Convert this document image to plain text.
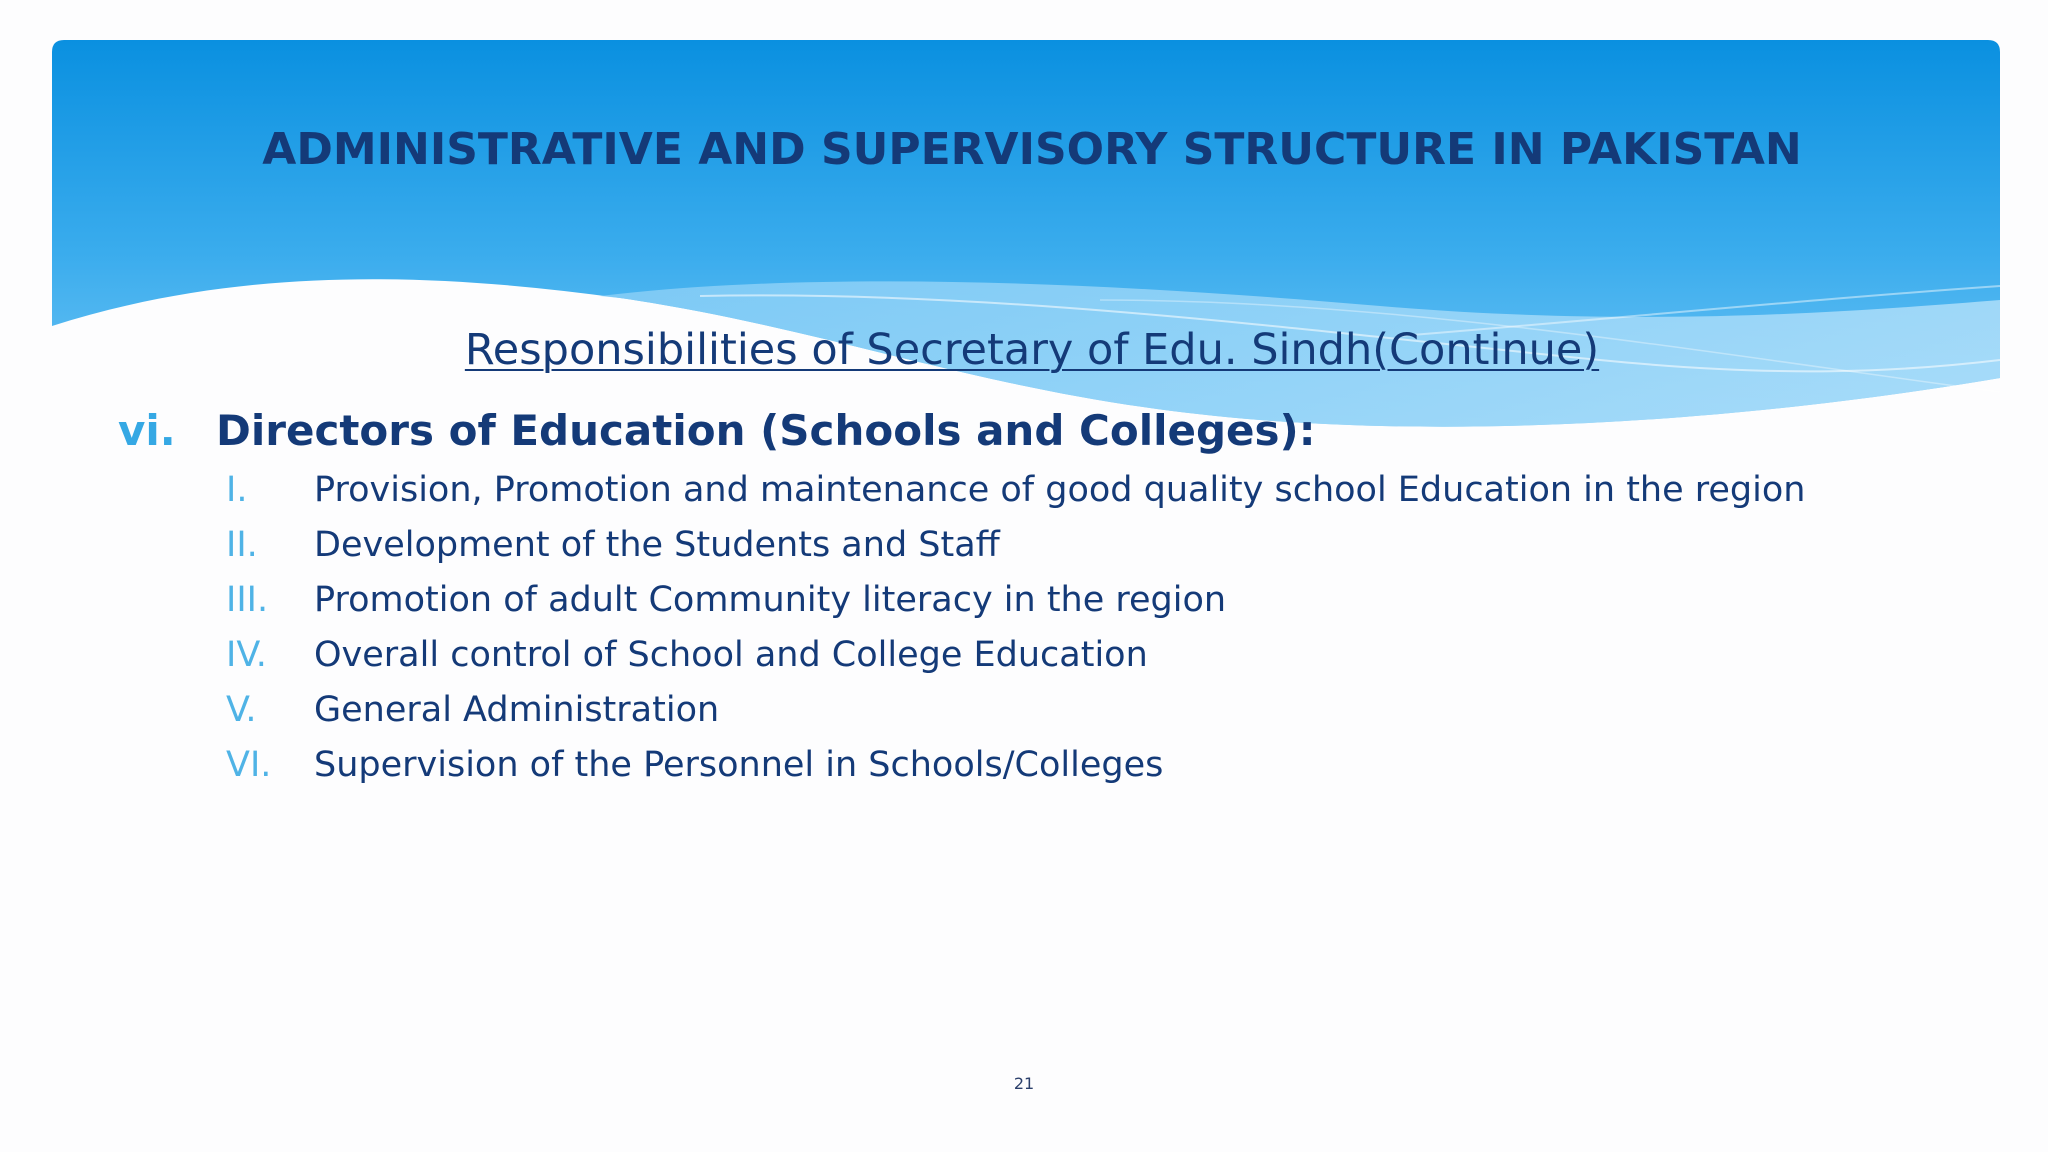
ADMINISTRATIVE AND SUPERVISORY STRUCTURE IN PAKISTAN
Responsibilities of Secretary of Edu. Sindh(Continue)
vi. Directors of Education (Schools and Colleges):
I. Provision, Promotion and maintenance of good quality school Education in the region
II. Development of the Students and Staff
III. Promotion of adult Community literacy in the region
IV. Overall control of School and College Education
V. General Administration
VI. Supervision of the Personnel in Schools/Colleges
21
